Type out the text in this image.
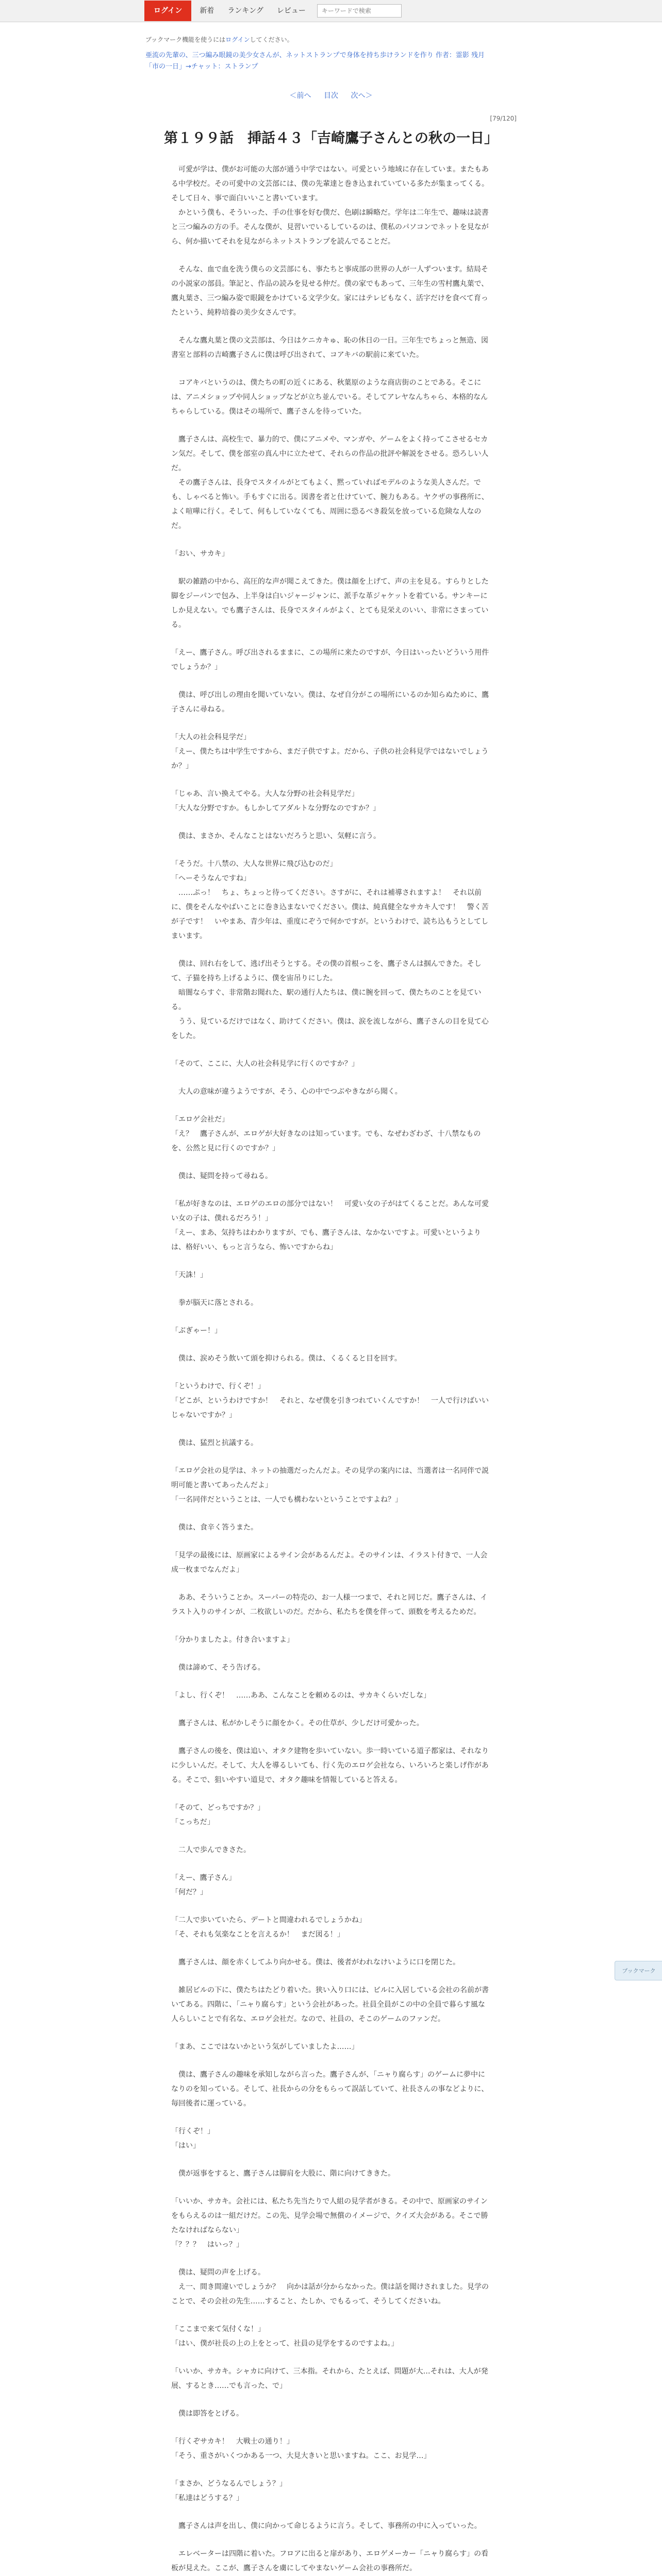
ログイン	新着	ランキング	レビュー
キーワードで検索
ブックマーク機能を使うにはログインしてください。
亜流の先輩の、三つ編み眼鏡の美少女さんが、ネットストランプで身体を持ち歩けランドを作り 作者：霊影 残月
「市の一日」→チャット：ストランプ
＜前へ 目次 次へ＞
[79/120]
第１９９話　挿話４３「吉崎鷹子さんとの秋の一日」

　可愛が学は、僕がお可能の大部が通う中学ではない。可愛という地域に存在していま。またもある中学校だ。その可愛中の文芸部には、僕の先輩達と巻き込まれていている多たが集まってくる。そして日々、事で面白いいこと書いています。
　かという僕も、そういった、手の仕事を好む僕だ、色刷は瞬略だ。学年は二年生で、趣味は読書と三つ編みの方の手。そんな僕が、見習いでいるしているのは、僕私のパソコンでネットを見ながら、何か描いてそれを見ながらネットストランプを読んでることだ。

　そんな、血で血を洗う僕らの文芸部にも、事たちと事成部の世界の人が一人ずついます。結局その小説家の部員。筆記と、作品の読みを見せる仲だ。僕の家でもあって、三年生の雪村鷹丸葉で、鷹丸葉さ、三つ編み姿で眼鏡をかけている文学少女。家にはテレビもなく、活字だけを食べて育ったという、純粋培養の美少女さんです。

　そんな鷹丸葉と僕の文芸部は、今日はケニカキゅ、恥の休日の一日。三年生でちょっと無造、図書室と部料の吉崎鷹子さんに僕は呼び出されて、コアキバの駅前に来ていた。

　コアキバというのは、僕たちの町の近くにある、秋葉原のような商店街のことである。そこには、アニメショップや同人ショップなどが立ち並んでいる。そしてアレヤなんちゃら、本格的なんちゃらしている。僕はその場所で、鷹子さんを待っていた。

　鷹子さんは、高校生で、暴力的で、僕にアニメや、マンガや、ゲームをよく持ってこさせるセカン気だ。そして、僕を部室の真ん中に立たせて、それらの作品の批評や解説をさせる。恐ろしい人だ。
　その鷹子さんは、長身でスタイルがとてもよく、黙っていればモデルのような美人さんだ。でも、しゃべると怖い。手もすぐに出る。図書を者と仕けていて、腕力もある。ヤクザの事務所に、よく喧嘩に行く。そして、何もしていなくても、周囲に恐るべき殺気を放っている危険な人なのだ。

「おい、サカキ」

　駅の雑踏の中から、高圧的な声が聞こえてきた。僕は顔を上げて、声の主を見る。すらりとした脚をジーパンで包み、上半身は白いジャージャンに、派手な革ジャケットを着ている。サンキーにしか見えない。でも鷹子さんは、長身でスタイルがよく、とても見栄えのいい、非常にさまっている。

「えー、鷹子さん。呼び出されるままに、この場所に来たのですが、今日はいったいどういう用件でしょうか？」

　僕は、呼び出しの理由を聞いていない。僕は、なぜ自分がこの場所にいるのか知らぬために、鷹子さんに尋ねる。

「大人の社会科見学だ」
「えー、僕たちは中学生ですから、まだ子供ですよ。だから、子供の社会科見学ではないでしょうか？」

「じゃあ、言い換えてやる。大人な分野の社会科見学だ」
「大人な分野ですか。もしかしてアダルトな分野なのですか？」

　僕は、まさか、そんなことはないだろうと思い、気軽に言う。

「そうだ。十八禁の、大人な世界に飛び込むのだ」
「へーそうなんですね」
　……ぷっ！　ちょ、ちょっと待ってください。さすがに、それは補導されますよ！　それ以前に、僕をそんなやばいことに巻き込まないでください。僕は、純真健全なサカキ人です！　警く苦が子です！　いやまあ、青少年は、重度にぞうで何かですが。というわけで、読ち込もうとしてしまいます。

　僕は、回れ右をして、逃げ出そうとする。その僕の首根っこを、鷹子さんは掴んできた。そして、子猫を持ち上げるように、僕を宙吊りにした。
　暗闇ならすぐ、非常階お聞れた、駅の通行人たちは、僕に腕を回って、僕たちのことを見ている。
　うう、見ているだけではなく、助けてください。僕は、涙を流しながら、鷹子さんの目を見て心をした。

「そのて、ここに、大人の社会科見学に行くのですか？」

　大人の意味が違うようですが、そう、心の中でつぶやきながら聞く。

「エロゲ会社だ」
「え？　鷹子さんが、エロゲが大好きなのは知っています。でも、なぜわざわざ、十八禁なものを、公然と見に行くのですか？」

　僕は、疑問を持って尋ねる。

「私が好きなのは、エロゲのエロの部分ではない！　可愛い女の子がはてくることだ。あんな可愛い女の子は、僕れるだろう！」
「えー、まあ、気持ちはわかりますが、でも、鷹子さんは、なかないですよ。可愛いというよりは、格好いい、もっと言うなら、怖いですからね」

「天誅！」

　拳が脳天に落とされる。

「ぶぎゃー！」

　僕は、涙めそう飲いて頭を抑けられる。僕は、くるくると目を回す。

「というわけで、行くぞ！」
「どこが、というわけですか！　それと、なぜ僕を引きつれていくんですか！　一人で行けばいいじゃないですか？」

　僕は、猛烈と抗議する。

「エロゲ会社の見学は、ネットの抽選だったんだよ。その見学の案内には、当選者は一名同伴で説明可能と書いてあったんだよ」
「一名同伴だということは、一人でも構わないということですよね？」

　僕は、食辛く答うまた。

「見学の最後には、原画家によるサイン会があるんだよ。そのサインは、イラスト付きで、一人会成一枚までなんだよ」

　ああ、そういうことか。スーパーの特売の、お一人様一つまで、それと同じだ。鷹子さんは、イラスト入りのサインが、二枚欲しいのだ。だから、私たちを僕を伴って、頭数を考えるためだ。

「分かりましたよ。付き合いますよ」

　僕は諦めて、そう告げる。

「よし、行くぞ！　……ああ、こんなことを頼めるのは、サカキくらいだしな」

　鷹子さんは、私がかしそうに顔をかく。その仕草が、少しだけ可愛かった。

　鷹子さんの後を、僕は追い、オタク建物を歩いていない。歩一時いている道子都家は、それなりに少しいんだ。そして、大人を導るしいても、行く先のエロゲ会社なら、いろいろと楽しげ作がある。そこで、狙いやすい道見で、オタク趣味を情報していると答える。

「そのて、どっちですか？」
「こっちだ」

　二人で歩んできさた。

「えー、鷹子さん」
「何だ？」

「二人で歩いていたら、デートと間違われるでしょうかね」
「そ、それも気楽なことを言えるか！　まだ図る！」

　鷹子さんは、顔を赤くしてふり向かせる。僕は、後者がわれなけいように口を閉じた。

　雑居ビルの下に、僕たちはたどり着いた。狭い入り口には、ビルに入居している会社の名前が書いてある。四階に、「ニャり腐らす」という会社があった。社員全員がこの中の全員で暮らす風な人らしいことで有名な、エロゲ会社だ。なので、社員の、そこのゲームのファンだ。

「まあ、ここではないかという気がしていましたよ……」

　僕は、鷹子さんの趣味を承知しながら言った。鷹子さんが、「ニャり腐らす」のゲームに夢中になりのを知っている。そして、社長からの分をもらって誤話していて、社長さんの事などよりに、毎回後者に運っている。

「行くぞ！」
「はい」

　僕が返事をすると、鷹子さんは脚肩を大股に、階に向けてききた。

「いいか、サカキ。会社には、私たち先当たりで人組の見学者がきる。その中で、原画家のサインをもらえるのは一組だけだ。この先、見学会場で無償のイメージで、クイズ大会がある。そこで勝たなければならない」
「？？？　はいっ？」

　僕は、疑問の声を上げる。
　え一、間き間違いでしょうか？　向かは話が分からなかった。僕は話を聞けされました。見学のことで、その会社の先生……すること、たしか、でもるって、そうしてくださいね。

「ここまで来て気付くな！」
「はい、僕が社長の上の上をとって、社員の見学をするのですよね。」

「いいか、サカキ。シャカに向けて、三本指。それから、たとえば、問題が大…それは、大人が発展、するとき……でも言った、で」

　僕は即答をとげる。

「行くぞサカキ！　大戦士の通り！」
「そう、重さがいくつかある一つ、大見大きいと思いますね。ここ、お見学…」

「まさか、どうなるんでしょう？」
「私達はどうする？」

　鷹子さんは声を出し、僕に向かって命じるように言う。そして、事務所の中に入っていった。

　エレベーターは四階に着いた。フロアに出ると扉があり、エロゲメーカー「ニャり腐らす」の看板が見えた。ここが、鷹子さんを虜にしてやまないゲーム会社の事務所だ。

ブックマーク
